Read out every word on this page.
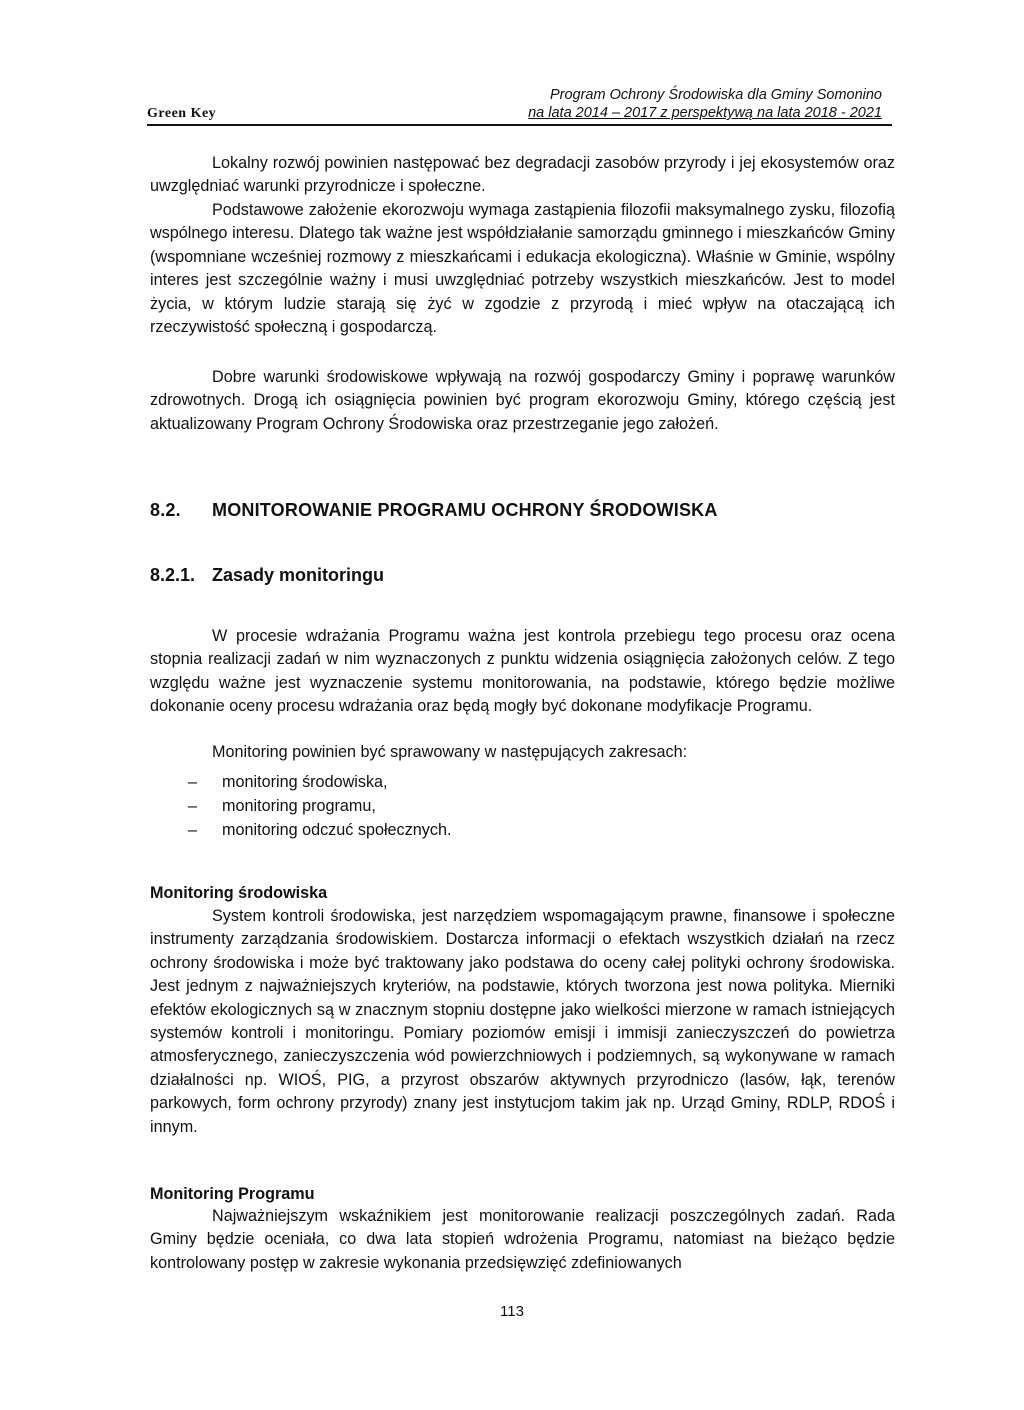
Green Key
Program Ochrony Środowiska dla Gminy Somonino
na lata 2014 – 2017 z perspektywą na lata 2018 - 2021

Lokalny rozwój powinien następować bez degradacji zasobów przyrody i jej ekosystemów oraz uwzględniać warunki przyrodnicze i społeczne.

Podstawowe założenie ekorozwoju wymaga zastąpienia filozofii maksymalnego zysku, filozofią wspólnego interesu. Dlatego tak ważne jest współdziałanie samorządu gminnego i mieszkańców Gminy (wspomniane wcześniej rozmowy z mieszkańcami i edukacja ekologiczna). Właśnie w Gminie, wspólny interes jest szczególnie ważny i musi uwzględniać potrzeby wszystkich mieszkańców. Jest to model życia, w którym ludzie starają się żyć w zgodzie z przyrodą i mieć wpływ na otaczającą ich rzeczywistość społeczną i gospodarczą.

Dobre warunki środowiskowe wpływają na rozwój gospodarczy Gminy i poprawę warunków zdrowotnych. Drogą ich osiągnięcia powinien być program ekorozwoju Gminy, którego częścią jest aktualizowany Program Ochrony Środowiska oraz przestrzeganie jego założeń.

8.2. MONITOROWANIE PROGRAMU OCHRONY ŚRODOWISKA
8.2.1. Zasady monitoringu

W procesie wdrażania Programu ważna jest kontrola przebiegu tego procesu oraz ocena stopnia realizacji zadań w nim wyznaczonych z punktu widzenia osiągnięcia założonych celów. Z tego względu ważne jest wyznaczenie systemu monitorowania, na podstawie, którego będzie możliwe dokonanie oceny procesu wdrażania oraz będą mogły być dokonane modyfikacje Programu.

Monitoring powinien być sprawowany w następujących zakresach:

– monitoring środowiska,
– monitoring programu,
– monitoring odczuć społecznych.
Monitoring środowiska

System kontroli środowiska, jest narzędziem wspomagającym prawne, finansowe i społeczne instrumenty zarządzania środowiskiem. Dostarcza informacji o efektach wszystkich działań na rzecz ochrony środowiska i może być traktowany jako podstawa do oceny całej polityki ochrony środowiska. Jest jednym z najważniejszych kryteriów, na podstawie, których tworzona jest nowa polityka. Mierniki efektów ekologicznych są w znacznym stopniu dostępne jako wielkości mierzone w ramach istniejących systemów kontroli i monitoringu. Pomiary poziomów emisji i immisji zanieczyszczeń do powietrza atmosferycznego, zanieczyszczenia wód powierzchniowych i podziemnych, są wykonywane w ramach działalności np. WIOŚ, PIG, a przyrost obszarów aktywnych przyrodniczo (lasów, łąk, terenów parkowych, form ochrony przyrody) znany jest instytucjom takim jak np. Urząd Gminy, RDLP, RDOŚ i innym.

Monitoring Programu

Najważniejszym wskaźnikiem jest monitorowanie realizacji poszczególnych zadań. Rada Gminy będzie oceniała, co dwa lata stopień wdrożenia Programu, natomiast na bieżąco będzie kontrolowany postęp w zakresie wykonania przedsięwzięć zdefiniowanych

113
